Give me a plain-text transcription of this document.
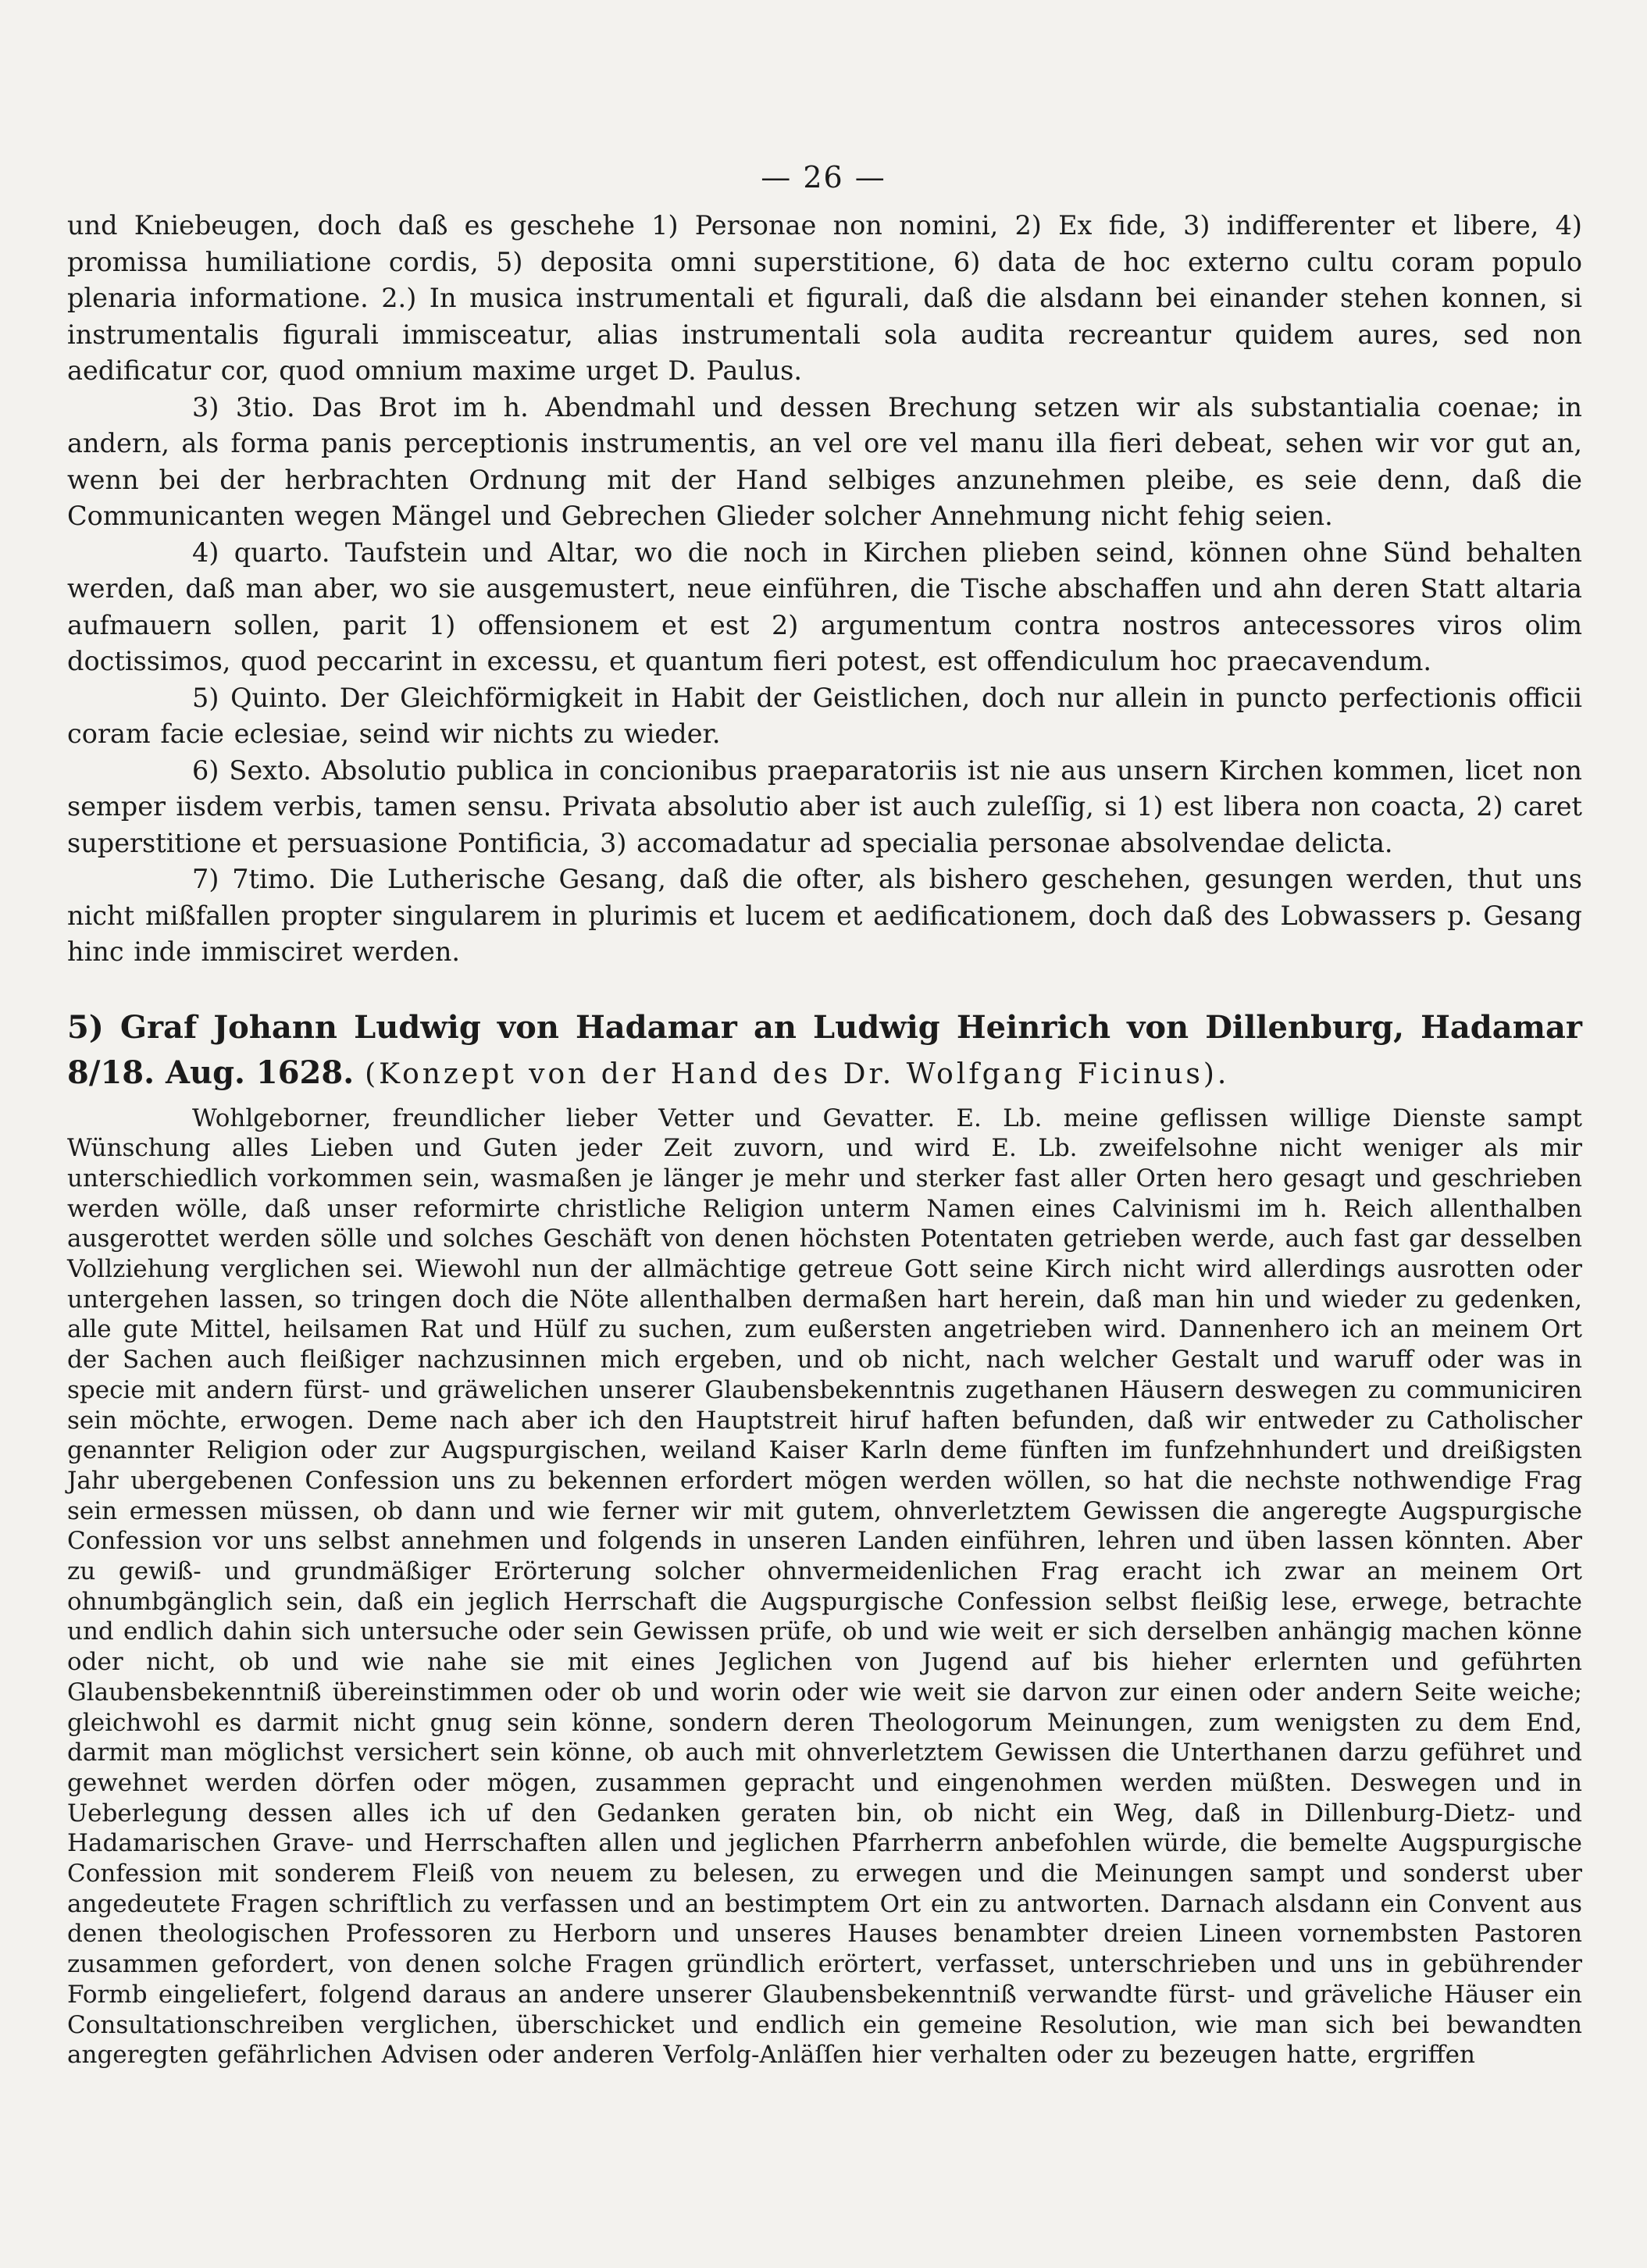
— 26 —

und Kniebeugen, doch daß es geschehe 1) Personae non nomini, 2) Ex fide, 3) indifferenter et libere, 4) promissa humiliatione cordis, 5) deposita omni superstitione, 6) data de hoc externo cultu coram populo plenaria informatione. 2.) In musica instrumentali et figurali, daß die alsdann bei einander stehen konnen, si instrumentalis figurali immisceatur, alias instrumentali sola audita recreantur quidem aures, sed non aedificatur cor, quod omnium maxime urget D. Paulus.

3) 3tio. Das Brot im h. Abendmahl und dessen Brechung setzen wir als substantialia coenae; in andern, als forma panis perceptionis instrumentis, an vel ore vel manu illa fieri debeat, sehen wir vor gut an, wenn bei der herbrachten Ordnung mit der Hand selbiges anzunehmen pleibe, es seie denn, daß die Communicanten wegen Mängel und Gebrechen Glieder solcher Annehmung nicht fehig seien.

4) quarto. Taufstein und Altar, wo die noch in Kirchen plieben seind, können ohne Sünd behalten werden, daß man aber, wo sie ausgemustert, neue einführen, die Tische abschaffen und ahn deren Statt altaria aufmauern sollen, parit 1) offensionem et est 2) argumentum contra nostros antecessores viros olim doctissimos, quod peccarint in excessu, et quantum fieri potest, est offendiculum hoc praecavendum.

5) Quinto. Der Gleichförmigkeit in Habit der Geistlichen, doch nur allein in puncto perfectionis officii coram facie eclesiae, seind wir nichts zu wieder.

6) Sexto. Absolutio publica in concionibus praeparatoriis ist nie aus unsern Kirchen kommen, licet non semper iisdem verbis, tamen sensu. Privata absolutio aber ist auch zuleſſig, si 1) est libera non coacta, 2) caret superstitione et persuasione Pontificia, 3) accomadatur ad specialia personae absolvendae delicta.

7) 7timo. Die Lutherische Gesang, daß die ofter, als bishero geschehen, gesungen werden, thut uns nicht mißfallen propter singularem in plurimis et lucem et aedificationem, doch daß des Lobwassers p. Gesang hinc inde immisciret werden.

5) Graf Johann Ludwig von Hadamar an Ludwig Heinrich von Dillenburg, Hadamar 8/18. Aug. 1628. (Konzept von der Hand des Dr. Wolfgang Ficinus).

Wohlgeborner, freundlicher lieber Vetter und Gevatter. E. Lb. meine geflissen willige Dienste sampt Wünschung alles Lieben und Guten jeder Zeit zuvorn, und wird E. Lb. zweifelsohne nicht weniger als mir unterschiedlich vorkommen sein, wasmaßen je länger je mehr und sterker fast aller Orten hero gesagt und geschrieben werden wölle, daß unser reformirte christliche Religion unterm Namen eines Calvinismi im h. Reich allenthalben ausgerottet werden sölle und solches Geschäft von denen höchsten Potentaten getrieben werde, auch fast gar desselben Vollziehung verglichen sei. Wiewohl nun der allmächtige getreue Gott seine Kirch nicht wird allerdings ausrotten oder untergehen lassen, so tringen doch die Nöte allenthalben dermaßen hart herein, daß man hin und wieder zu gedenken, alle gute Mittel, heilsamen Rat und Hülf zu suchen, zum eußersten angetrieben wird. Dannenhero ich an meinem Ort der Sachen auch fleißiger nachzusinnen mich ergeben, und ob nicht, nach welcher Gestalt und waruff oder was in specie mit andern fürst- und gräwelichen unserer Glaubensbekenntnis zugethanen Häusern deswegen zu communiciren sein möchte, erwogen. Deme nach aber ich den Hauptstreit hiruf haften befunden, daß wir entweder zu Catholischer genannter Religion oder zur Augspurgischen, weiland Kaiser Karln deme fünften im funfzehnhundert und dreißigsten Jahr ubergebenen Confession uns zu bekennen erfordert mögen werden wöllen, so hat die nechste nothwendige Frag sein ermessen müssen, ob dann und wie ferner wir mit gutem, ohnverletztem Gewissen die angeregte Augspurgische Confession vor uns selbst annehmen und folgends in unseren Landen einführen, lehren und üben lassen könnten. Aber zu gewiß- und grundmäßiger Erörterung solcher ohnvermeidenlichen Frag eracht ich zwar an meinem Ort ohnumbgänglich sein, daß ein jeglich Herrschaft die Augspurgische Confession selbst fleißig lese, erwege, betrachte und endlich dahin sich untersuche oder sein Gewissen prüfe, ob und wie weit er sich derselben anhängig machen könne oder nicht, ob und wie nahe sie mit eines Jeglichen von Jugend auf bis hieher erlernten und geführten Glaubensbekenntniß übereinstimmen oder ob und worin oder wie weit sie darvon zur einen oder andern Seite weiche; gleichwohl es darmit nicht gnug sein könne, sondern deren Theologorum Meinungen, zum wenigsten zu dem End, darmit man möglichst versichert sein könne, ob auch mit ohnverletztem Gewissen die Unterthanen darzu geführet und gewehnet werden dörfen oder mögen, zusammen gepracht und eingenohmen werden müßten. Deswegen und in Ueberlegung dessen alles ich uf den Gedanken geraten bin, ob nicht ein Weg, daß in Dillenburg-Dietz- und Hadamarischen Grave- und Herrschaften allen und jeglichen Pfarrherrn anbefohlen würde, die bemelte Augspurgische Confession mit sonderem Fleiß von neuem zu belesen, zu erwegen und die Meinungen sampt und sonderst uber angedeutete Fragen schriftlich zu verfassen und an bestimptem Ort ein zu antworten. Darnach alsdann ein Convent aus denen theologischen Professoren zu Herborn und unseres Hauses benambter dreien Lineen vornembsten Pastoren zusammen gefordert, von denen solche Fragen gründlich erörtert, verfasset, unterschrieben und uns in gebührender Formb eingeliefert, folgend daraus an andere unserer Glaubensbekenntniß verwandte fürst- und gräveliche Häuser ein Consultationschreiben verglichen, überschicket und endlich ein gemeine Resolution, wie man sich bei bewandten angeregten gefährlichen Advisen oder anderen Verfolg-Anläſſen hier verhalten oder zu bezeugen hatte, ergriffen
